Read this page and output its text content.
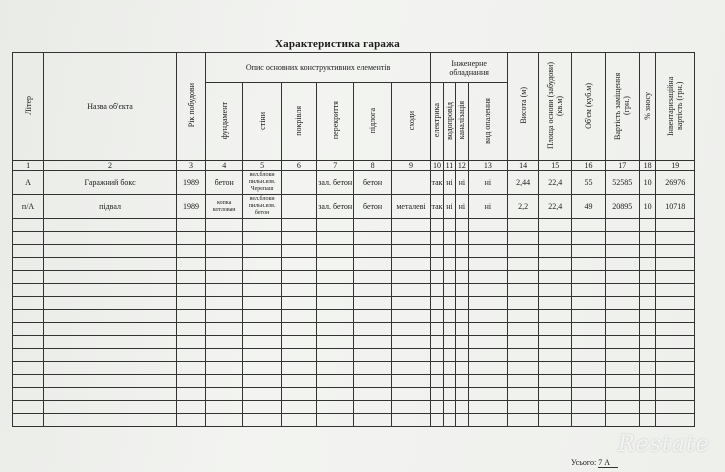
Характеристика гаража
Літер	Назва об'єкта	Рік побудови	Опис основних конструктивних елементів						Інженерне обладнання				Висота (м)	Площа основи (забудови) (кв.м)	Об'єм (куб.м)	Вартість заміщення (грн.)	% зносу	Інвентаризаційна вартість (грн.)
			фундамент	стіни	покрівля	перекриття	підлога	сходи	електрика	водопровід	каналізація	вид опалення						
1	2	3	4	5	6	7	8	9	10	11	12	13	14	15	16	17	18	19
А	Гаражний бокс	1989	бетон	вел.блоки пильн.изв. Черепаш		зал. бетон	бетон		так	ні	ні	ні	2,44	22,4	55	52585	10	26976
п/А	підвал	1989	копка котлован	вел.блоки пильн.изв. бетон		зал. бетон	бетон	металеві	так	ні	ні	ні	2,2	22,4	49	20895	10	10718

Усього: 7 А
Restate
